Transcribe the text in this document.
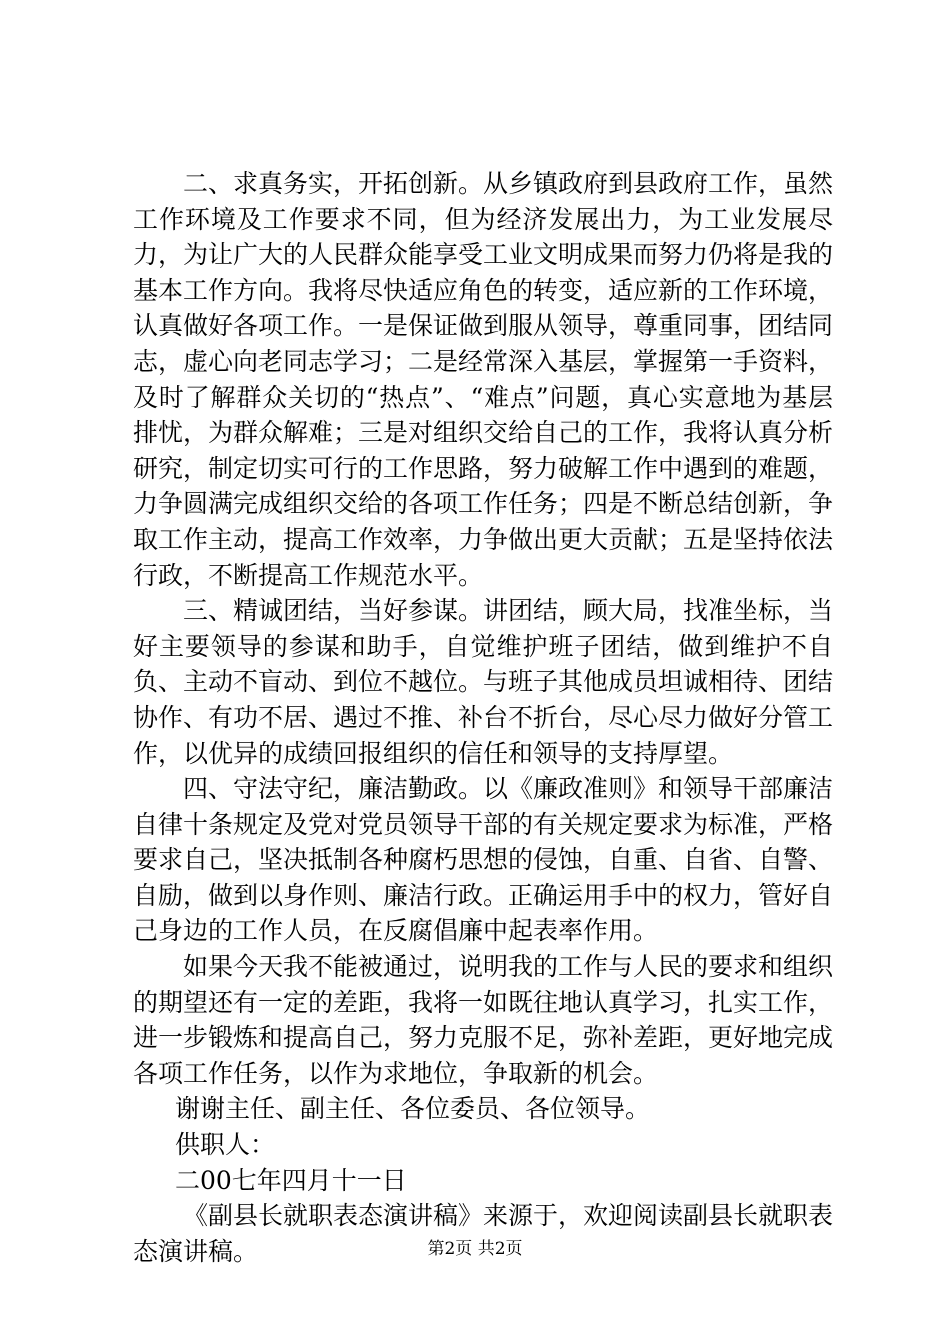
二、求真务实，开拓创新。从乡镇政府到县政府工作，虽然工作环境及工作要求不同，但为经济发展出力，为工业发展尽力，为让广大的人民群众能享受工业文明成果而努力仍将是我的基本工作方向。我将尽快适应角色的转变，适应新的工作环境，认真做好各项工作。一是保证做到服从领导，尊重同事，团结同志，虚心向老同志学习；二是经常深入基层，掌握第一手资料，及时了解群众关切的“热点”、“难点”问题，真心实意地为基层排忧，为群众解难；三是对组织交给自己的工作，我将认真分析研究，制定切实可行的工作思路，努力破解工作中遇到的难题，力争圆满完成组织交给的各项工作任务；四是不断总结创新，争取工作主动，提高工作效率，力争做出更大贡献；五是坚持依法行政，不断提高工作规范水平。

三、精诚团结，当好参谋。讲团结，顾大局，找准坐标，当好主要领导的参谋和助手，自觉维护班子团结，做到维护不自负、主动不盲动、到位不越位。与班子其他成员坦诚相待、团结协作、有功不居、遇过不推、补台不折台，尽心尽力做好分管工作，以优异的成绩回报组织的信任和领导的支持厚望。

四、守法守纪，廉洁勤政。以《廉政准则》和领导干部廉洁自律十条规定及党对党员领导干部的有关规定要求为标准，严格要求自己，坚决抵制各种腐朽思想的侵蚀，自重、自省、自警、自励，做到以身作则、廉洁行政。正确运用手中的权力，管好自己身边的工作人员，在反腐倡廉中起表率作用。

如果今天我不能被通过，说明我的工作与人民的要求和组织的期望还有一定的差距，我将一如既往地认真学习，扎实工作，进一步锻炼和提高自己，努力克服不足，弥补差距，更好地完成各项工作任务，以作为求地位，争取新的机会。

谢谢主任、副主任、各位委员、各位领导。

供职人：

二00七年四月十一日

《副县长就职表态演讲稿》来源于，欢迎阅读副县长就职表态演讲稿。	第2页 共2页
